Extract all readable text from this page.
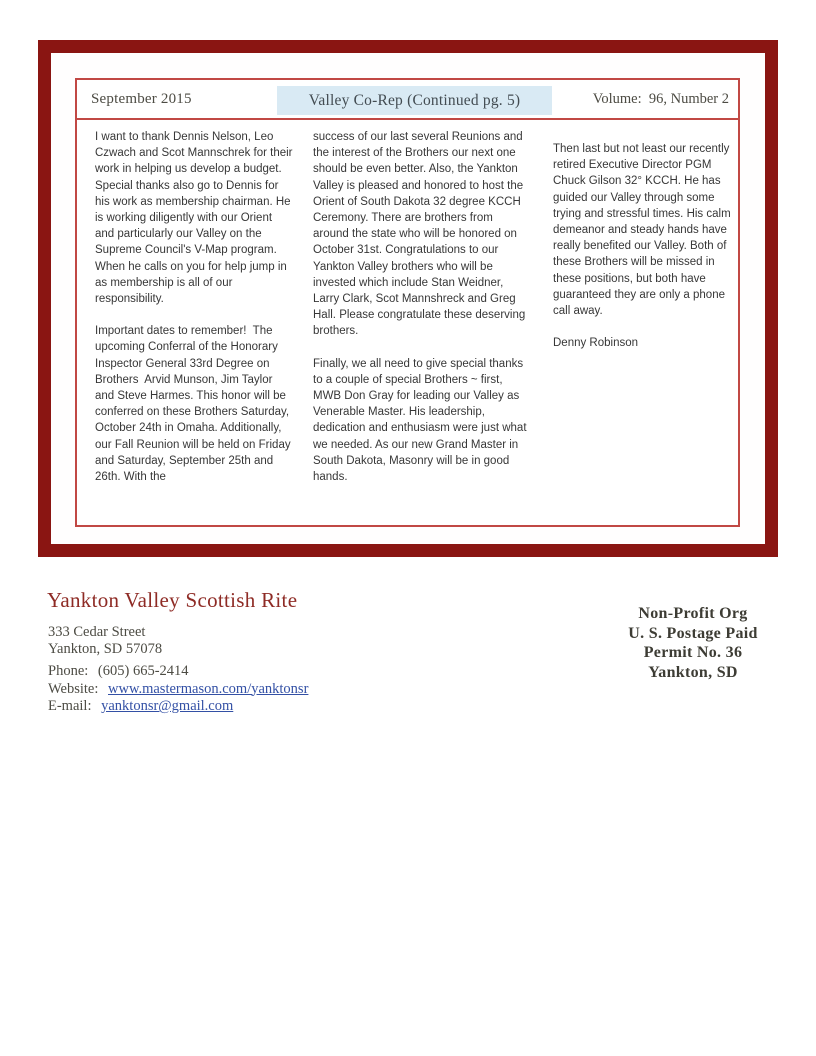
September 2015	Valley Co-Rep (Continued pg. 5)	Volume:  96, Number 2

I want to thank Dennis Nelson, Leo Czwach and Scot Mannschrek for their work in helping us develop a budget. Special thanks also go to Dennis for his work as membership chairman. He is working diligently with our Orient and particularly our Valley on the Supreme Council's V-Map program. When he calls on you for help jump in as membership is all of our responsibility.

Important dates to remember!  The upcoming Conferral of the Honorary Inspector General 33rd Degree on Brothers  Arvid Munson, Jim Taylor and Steve Harmes. This honor will be conferred on these Brothers Saturday, October 24th in Omaha. Additionally, our Fall Reunion will be held on Friday and Saturday, September 25th and 26th. With the

success of our last several Reunions and the interest of the Brothers our next one should be even better. Also, the Yankton Valley is pleased and honored to host the Orient of South Dakota 32 degree KCCH Ceremony. There are brothers from around the state who will be honored on October 31st. Congratulations to our Yankton Valley brothers who will be invested which include Stan Weidner, Larry Clark, Scot Mannshreck and Greg Hall. Please congratulate these deserving brothers.

Finally, we all need to give special thanks to a couple of special Brothers ~ first, MWB Don Gray for leading our Valley as Venerable Master. His leadership, dedication and enthusiasm were just what we needed. As our new Grand Master in South Dakota, Masonry will be in good hands.

Then last but not least our recently retired Executive Director PGM Chuck Gilson 32° KCCH. He has guided our Valley through some trying and stressful times. His calm demeanor and steady hands have really benefited our Valley. Both of these Brothers will be missed in these positions, but both have guaranteed they are only a phone call away.

Denny Robinson

Yankton Valley Scottish Rite
333 Cedar Street
Yankton, SD 57078
Phone: (605) 665-2414
Website: www.mastermason.com/yanktonsr
E-mail: yanktonsr@gmail.com
Non-Profit Org
U. S. Postage Paid
Permit No. 36
Yankton, SD
